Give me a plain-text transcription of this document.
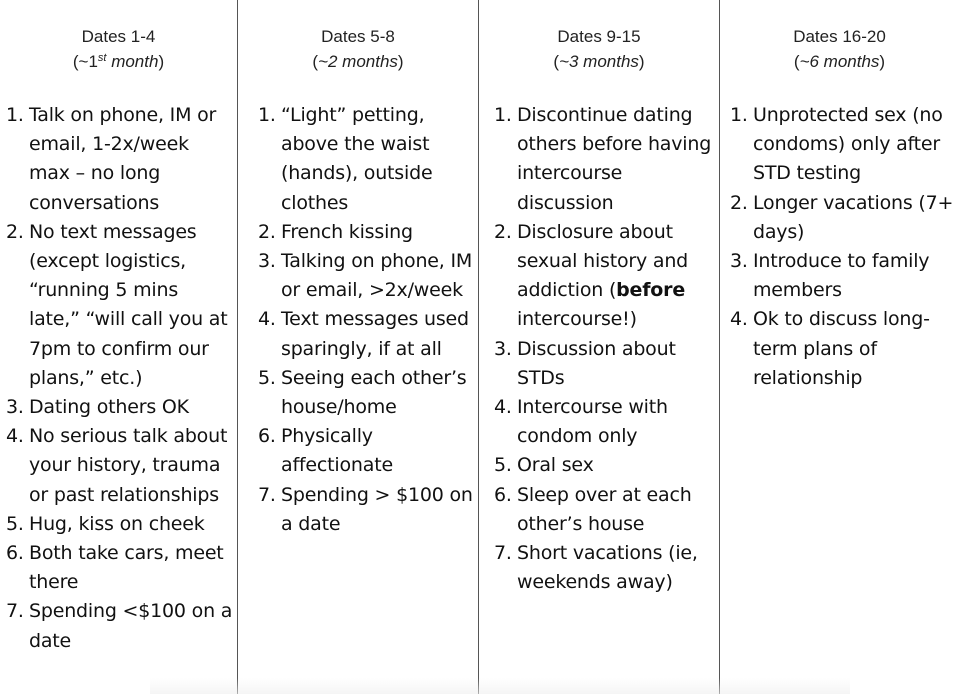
Dates 1-4
(~1st month)
1. Talk on phone, IM or email, 1-2x/week max – no long conversations
2. No text messages (except logistics, “running 5 mins late,” “will call you at 7pm to confirm our plans,” etc.)
3. Dating others OK
4. No serious talk about your history, trauma or past relationships
5. Hug, kiss on cheek
6. Both take cars, meet there
7. Spending <$100 on a date
Dates 5-8
(~2 months)
1. “Light” petting, above the waist (hands), outside clothes
2. French kissing
3. Talking on phone, IM or email, >2x/week
4. Text messages used sparingly, if at all
5. Seeing each other’s house/home
6. Physically affectionate
7. Spending > $100 on a date
Dates 9-15
(~3 months)
1. Discontinue dating others before having intercourse discussion
2. Disclosure about sexual history and addiction (before intercourse!)
3. Discussion about STDs
4. Intercourse with condom only
5. Oral sex
6. Sleep over at each other’s house
7. Short vacations (ie, weekends away)
Dates 16-20
(~6 months)
1. Unprotected sex (no condoms) only after STD testing
2. Longer vacations (7+ days)
3. Introduce to family members
4. Ok to discuss long-term plans of relationship
